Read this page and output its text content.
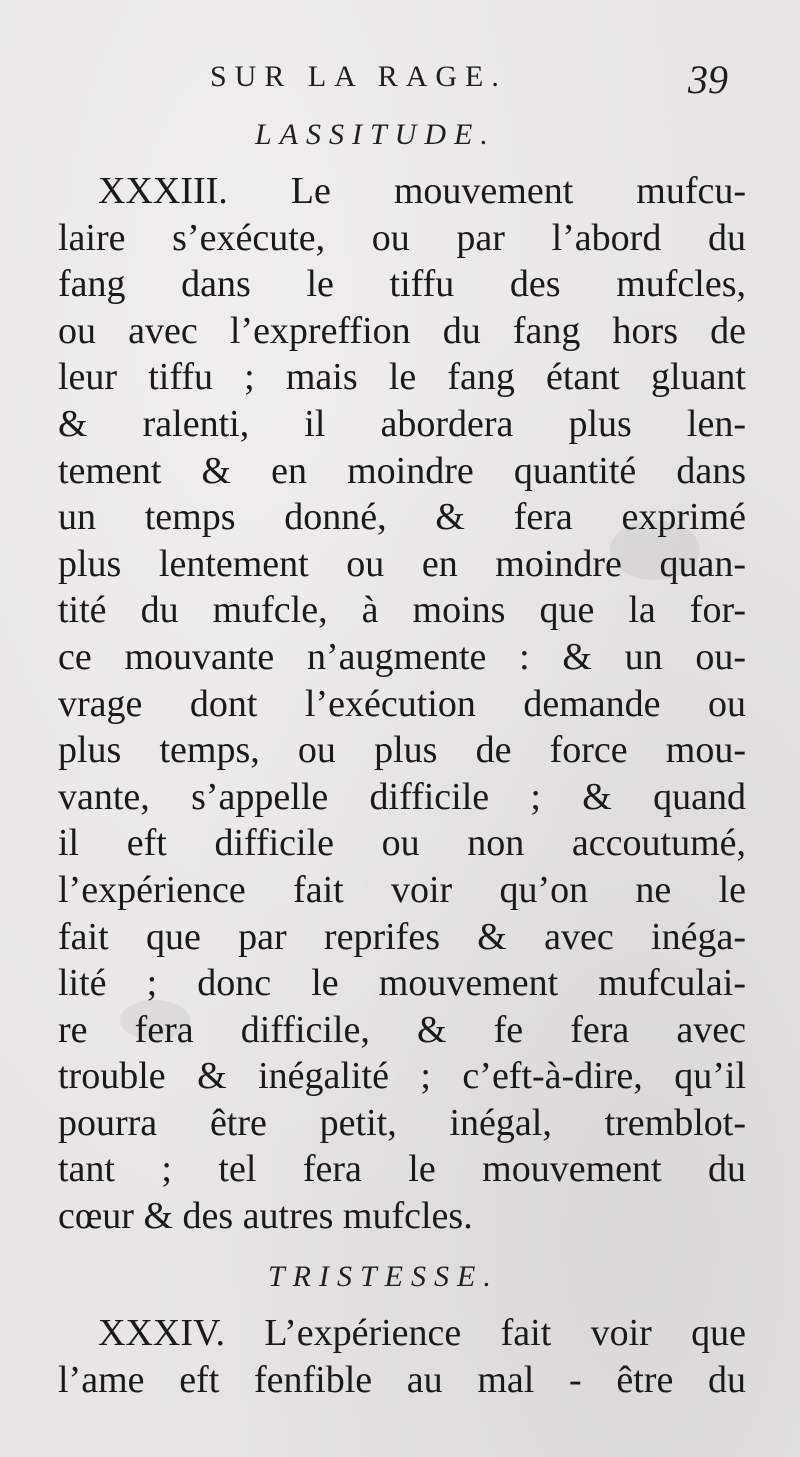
SUR LA RAGE.	39
LASSITUDE.
XXXIII. Le mouvement mufcu-
laire s’exécute, ou par l’abord du
fang dans le tiffu des mufcles,
ou avec l’expreffion du fang hors de
leur tiffu ; mais le fang étant gluant
& ralenti, il abordera plus len-
tement & en moindre quantité dans
un temps donné, & fera exprimé
plus lentement ou en moindre quan-
tité du mufcle, à moins que la for-
ce mouvante n’augmente : & un ou-
vrage dont l’exécution demande ou
plus temps, ou plus de force mou-
vante, s’appelle difficile ; & quand
il eft difficile ou non accoutumé,
l’expérience fait voir qu’on ne le
fait que par reprifes & avec inéga-
lité ; donc le mouvement mufculai-
re fera difficile, & fe fera avec
trouble & inégalité ; c’eft-à-dire, qu’il
pourra être petit, inégal, tremblot-
tant ; tel fera le mouvement du
cœur & des autres mufcles.
TRISTESSE.
XXXIV. L’expérience fait voir que
l’ame eft fenfible au mal - être du
